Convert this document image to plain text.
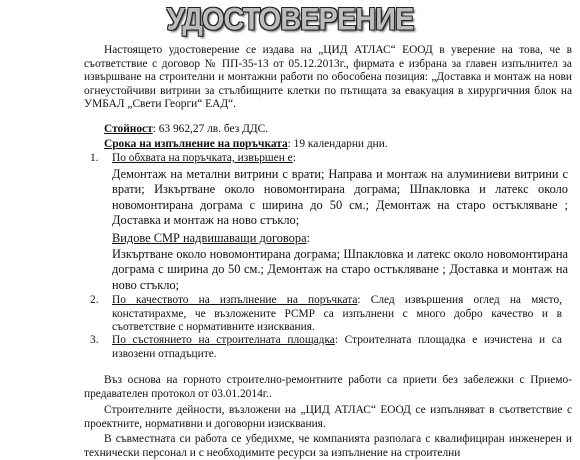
УДОСТОВЕРЕНИЕ
Настоящето удостоверение се издава на „ЦИД АТЛАС“ ЕООД в уверение на това, че в съответствие с договор № ПП-35-13 от 05.12.2013г., фирмата е избрана за главен изпълнител за извършване на строителни и монтажни работи по обособена позиция: „Доставка и монтаж на нови огнеустойчиви витрини за стълбищните клетки по пътищата за евакуация в хирургичния блок на УМБАЛ „Свети Георги“ ЕАД“.
Стойност: 63 962,27 лв. без ДДС.
Срока на изпълнение на поръчката: 19 календарни дни.
1. По обхвата на поръчката, извършен е:
Демонтаж на метални витрини с врати; Направа и монтаж на алуминиеви витрини с врати; Изкъртване около новомонтирана дограма; Шпакловка и латекс около новомонтирана дограма с ширина до 50 см.; Демонтаж на старо остъкляване ; Доставка и монтаж на ново стъкло;
Видове СМР надвишаващи договора:
Изкъртване около новомонтирана дограма; Шпакловка и латекс около новомонтирана дограма с ширина до 50 см.; Демонтаж на старо остъкляване ; Доставка и монтаж на ново стъкло;
2. По качеството на изпълнение на поръчката: След извършения оглед на място, констатирахме, че възложените РСМР са изпълнени с много добро качество и в съответствие с нормативните изисквания.
3. По състоянието на строителната площадка: Строителната площадка е изчистена и са извозени отпадъците.
Въз основа на горното строително-ремонтните работи са приети без забележки с Приемо-предавателен протокол от 03.01.2014г..
Строителните дейности, възложени на „ЦИД АТЛАС“ ЕООД се изпълняват в съответствие с проектните, нормативни и договорни изисквания.
В съвместната си работа се убедихме, че компанията разполага с квалифициран инженерен и технически персонал и с необходимите ресурси за изпълнение на строителни
